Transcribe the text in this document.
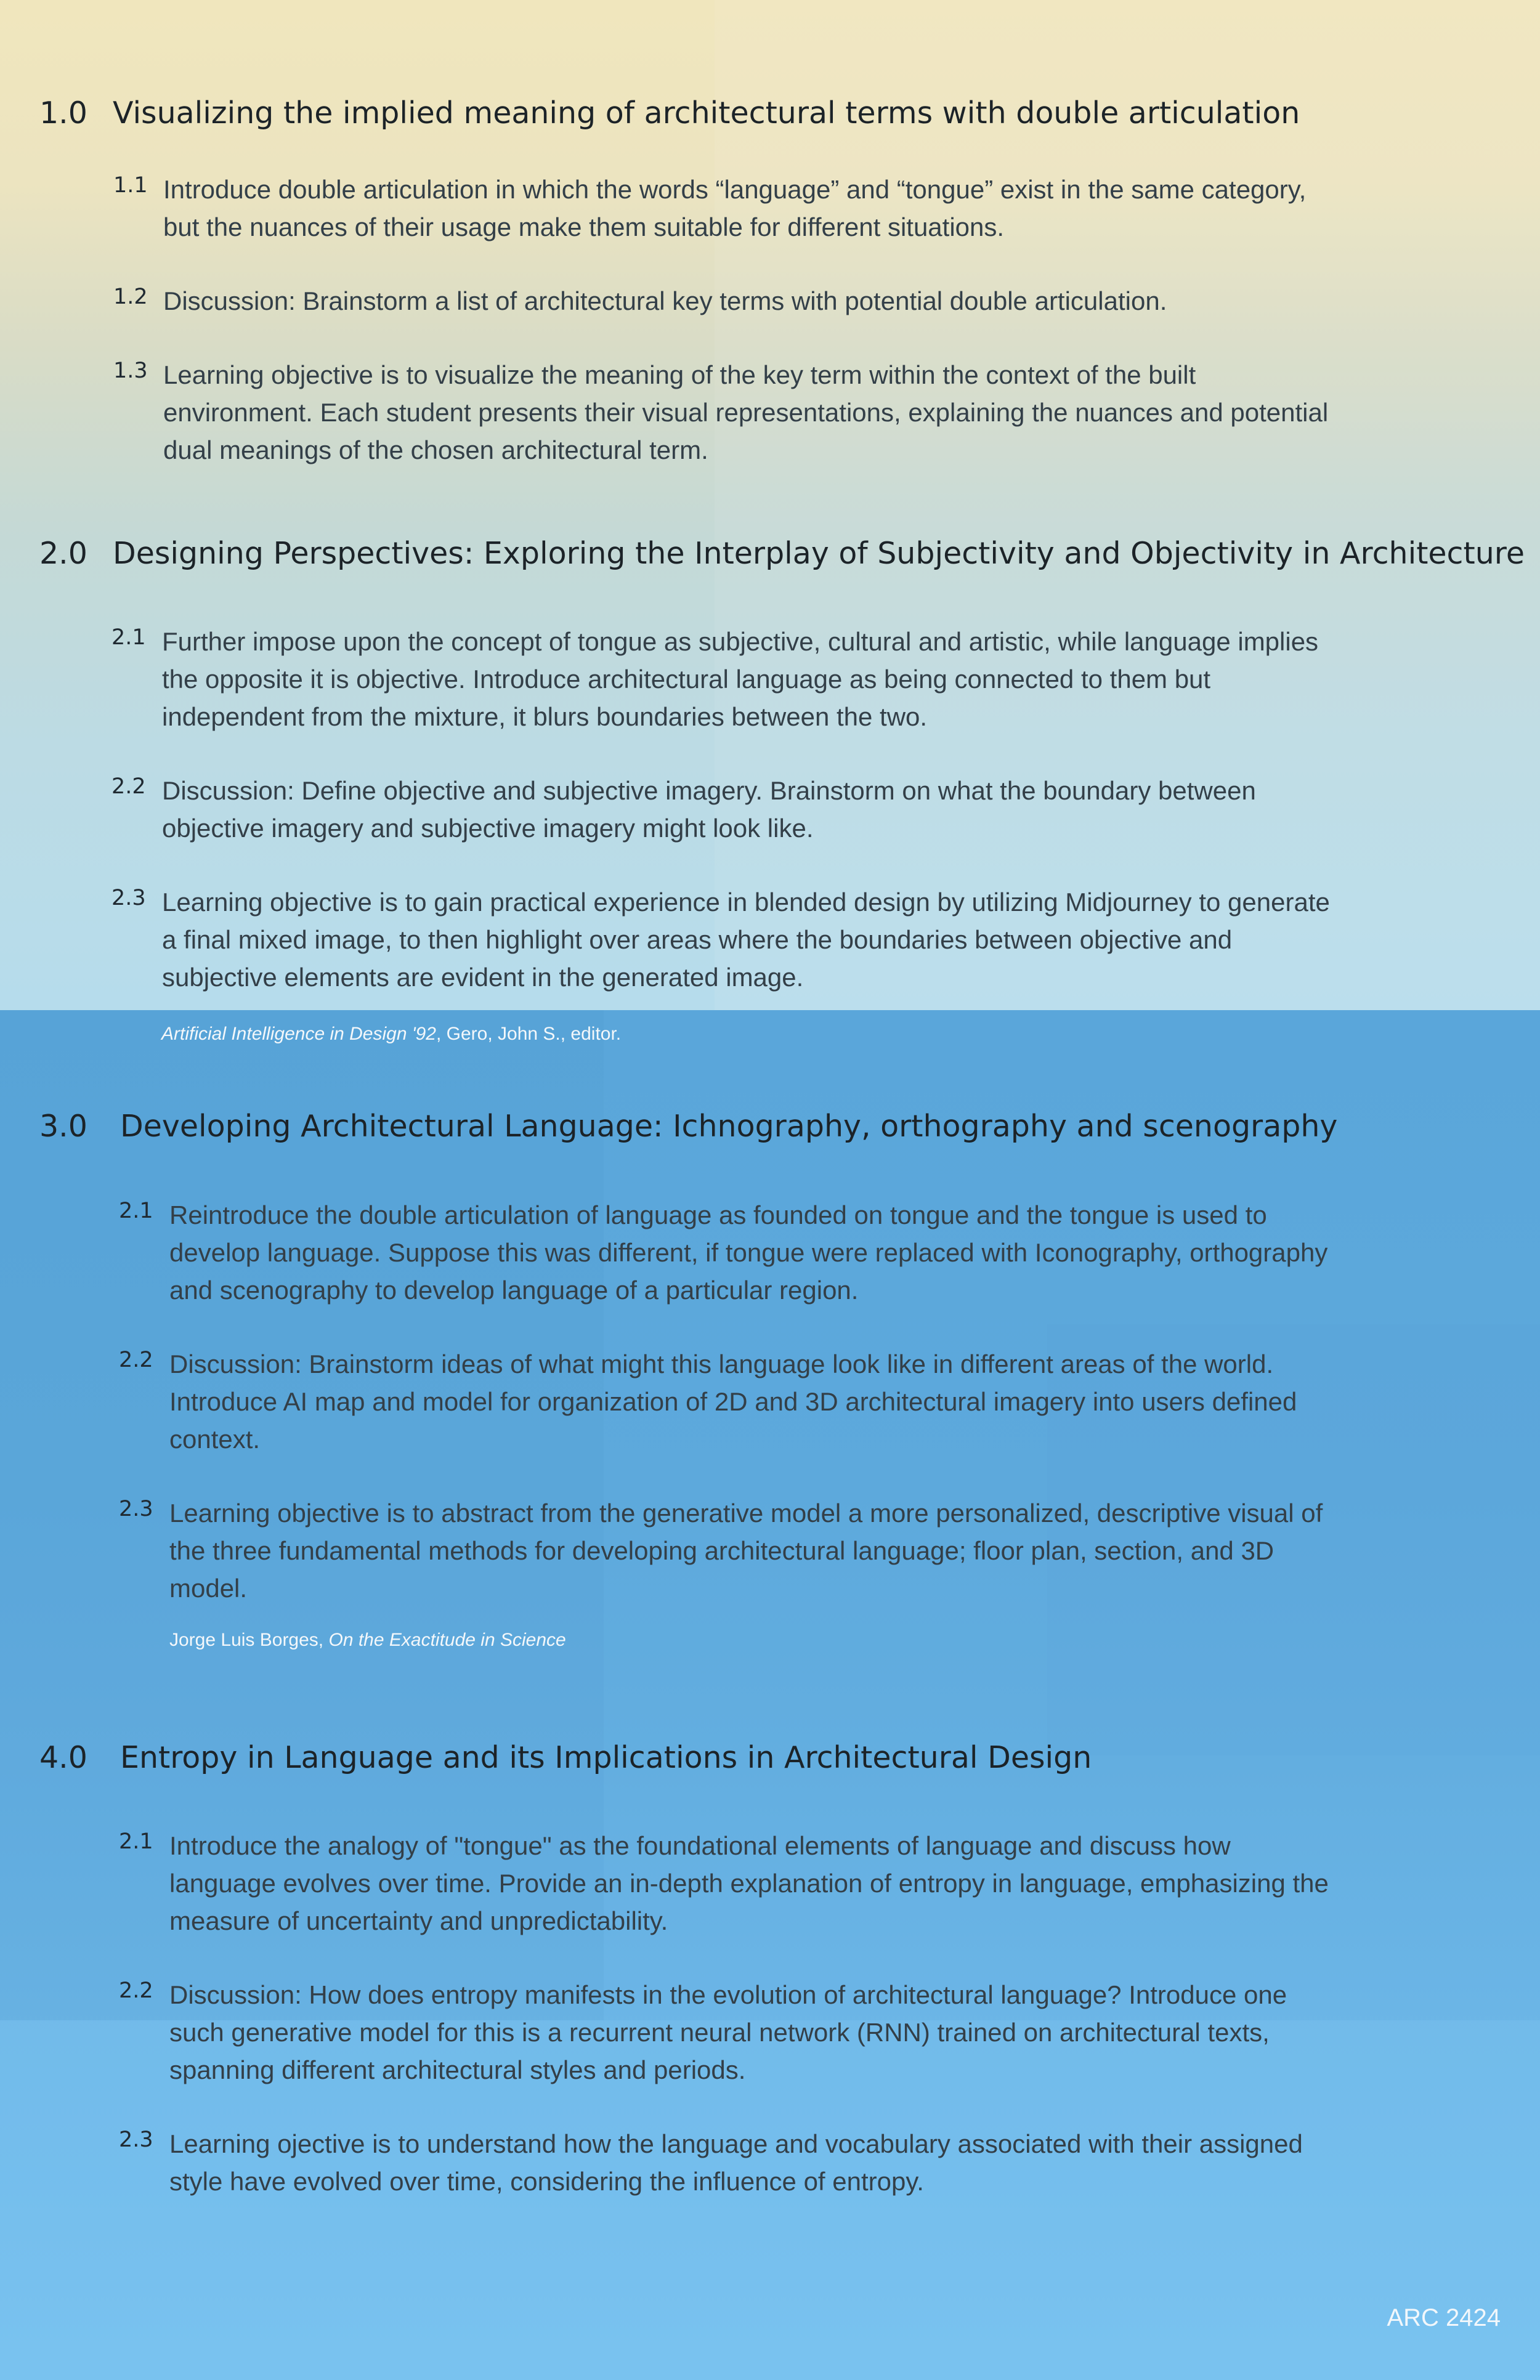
1.0 Visualizing the implied meaning of architectural terms with double articulation
1.1 Introduce double articulation in which the words “language” and “tongue” exist in the same category, but the nuances of their usage make them suitable for different situations.
1.2 Discussion: Brainstorm a list of architectural key terms with potential double articulation.
1.3 Learning objective is to visualize the meaning of the key term within the context of the built environment. Each student presents their visual representations, explaining the nuances and potential dual meanings of the chosen architectural term.
2.0 Designing Perspectives: Exploring the Interplay of Subjectivity and Objectivity in Architecture
2.1 Further impose upon the concept of tongue as subjective, cultural and artistic, while language implies the opposite it is objective. Introduce architectural language as being connected to them but independent from the mixture, it blurs boundaries between the two.
2.2 Discussion: Define objective and subjective imagery. Brainstorm on what the boundary between objective imagery and subjective imagery might look like.
2.3 Learning objective is to gain practical experience in blended design by utilizing Midjourney to generate a final mixed image, to then highlight over areas where the boundaries between objective and subjective elements are evident in the generated image.
Artificial Intelligence in Design '92, Gero, John S., editor.
3.0 Developing Architectural Language: Ichnography, orthography and scenography
2.1 Reintroduce the double articulation of language as founded on tongue and the tongue is used to develop language. Suppose this was different, if tongue were replaced with Iconography, orthography and scenography to develop language of a particular region.
2.2 Discussion: Brainstorm ideas of what might this language look like in different areas of the world. Introduce AI map and model for organization of 2D and 3D architectural imagery into users defined context.
2.3 Learning objective is to abstract from the generative model a more personalized, descriptive visual of the three fundamental methods for developing architectural language; floor plan, section, and 3D model.
Jorge Luis Borges, On the Exactitude in Science
4.0 Entropy in Language and its Implications in Architectural Design
2.1 Introduce the analogy of "tongue" as the foundational elements of language and discuss how language evolves over time. Provide an in-depth explanation of entropy in language, emphasizing the measure of uncertainty and unpredictability.
2.2 Discussion: How does entropy manifests in the evolution of architectural language? Introduce one such generative model for this is a recurrent neural network (RNN) trained on architectural texts, spanning different architectural styles and periods.
2.3 Learning ojective is to understand how the language and vocabulary associated with their assigned style have evolved over time, considering the influence of entropy.
ARC 2424
